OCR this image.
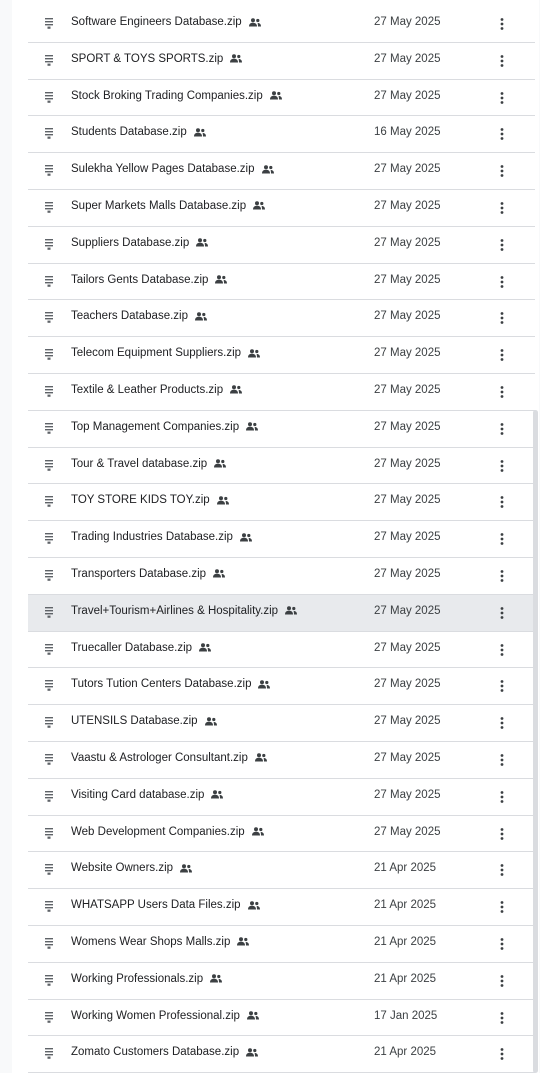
Software Engineers Database.zip	27 May 2025
SPORT & TOYS SPORTS.zip	27 May 2025
Stock Broking Trading Companies.zip	27 May 2025
Students Database.zip	16 May 2025
Sulekha Yellow Pages Database.zip	27 May 2025
Super Markets Malls Database.zip	27 May 2025
Suppliers Database.zip	27 May 2025
Tailors Gents Database.zip	27 May 2025
Teachers Database.zip	27 May 2025
Telecom Equipment Suppliers.zip	27 May 2025
Textile & Leather Products.zip	27 May 2025
Top Management Companies.zip	27 May 2025
Tour & Travel database.zip	27 May 2025
TOY STORE KIDS TOY.zip	27 May 2025
Trading Industries Database.zip	27 May 2025
Transporters Database.zip	27 May 2025
Travel+Tourism+Airlines & Hospitality.zip	27 May 2025
Truecaller Database.zip	27 May 2025
Tutors Tution Centers Database.zip	27 May 2025
UTENSILS Database.zip	27 May 2025
Vaastu & Astrologer Consultant.zip	27 May 2025
Visiting Card database.zip	27 May 2025
Web Development Companies.zip	27 May 2025
Website Owners.zip	21 Apr 2025
WHATSAPP Users Data Files.zip	21 Apr 2025
Womens Wear Shops Malls.zip	21 Apr 2025
Working Professionals.zip	21 Apr 2025
Working Women Professional.zip	17 Jan 2025
Zomato Customers Database.zip	21 Apr 2025
